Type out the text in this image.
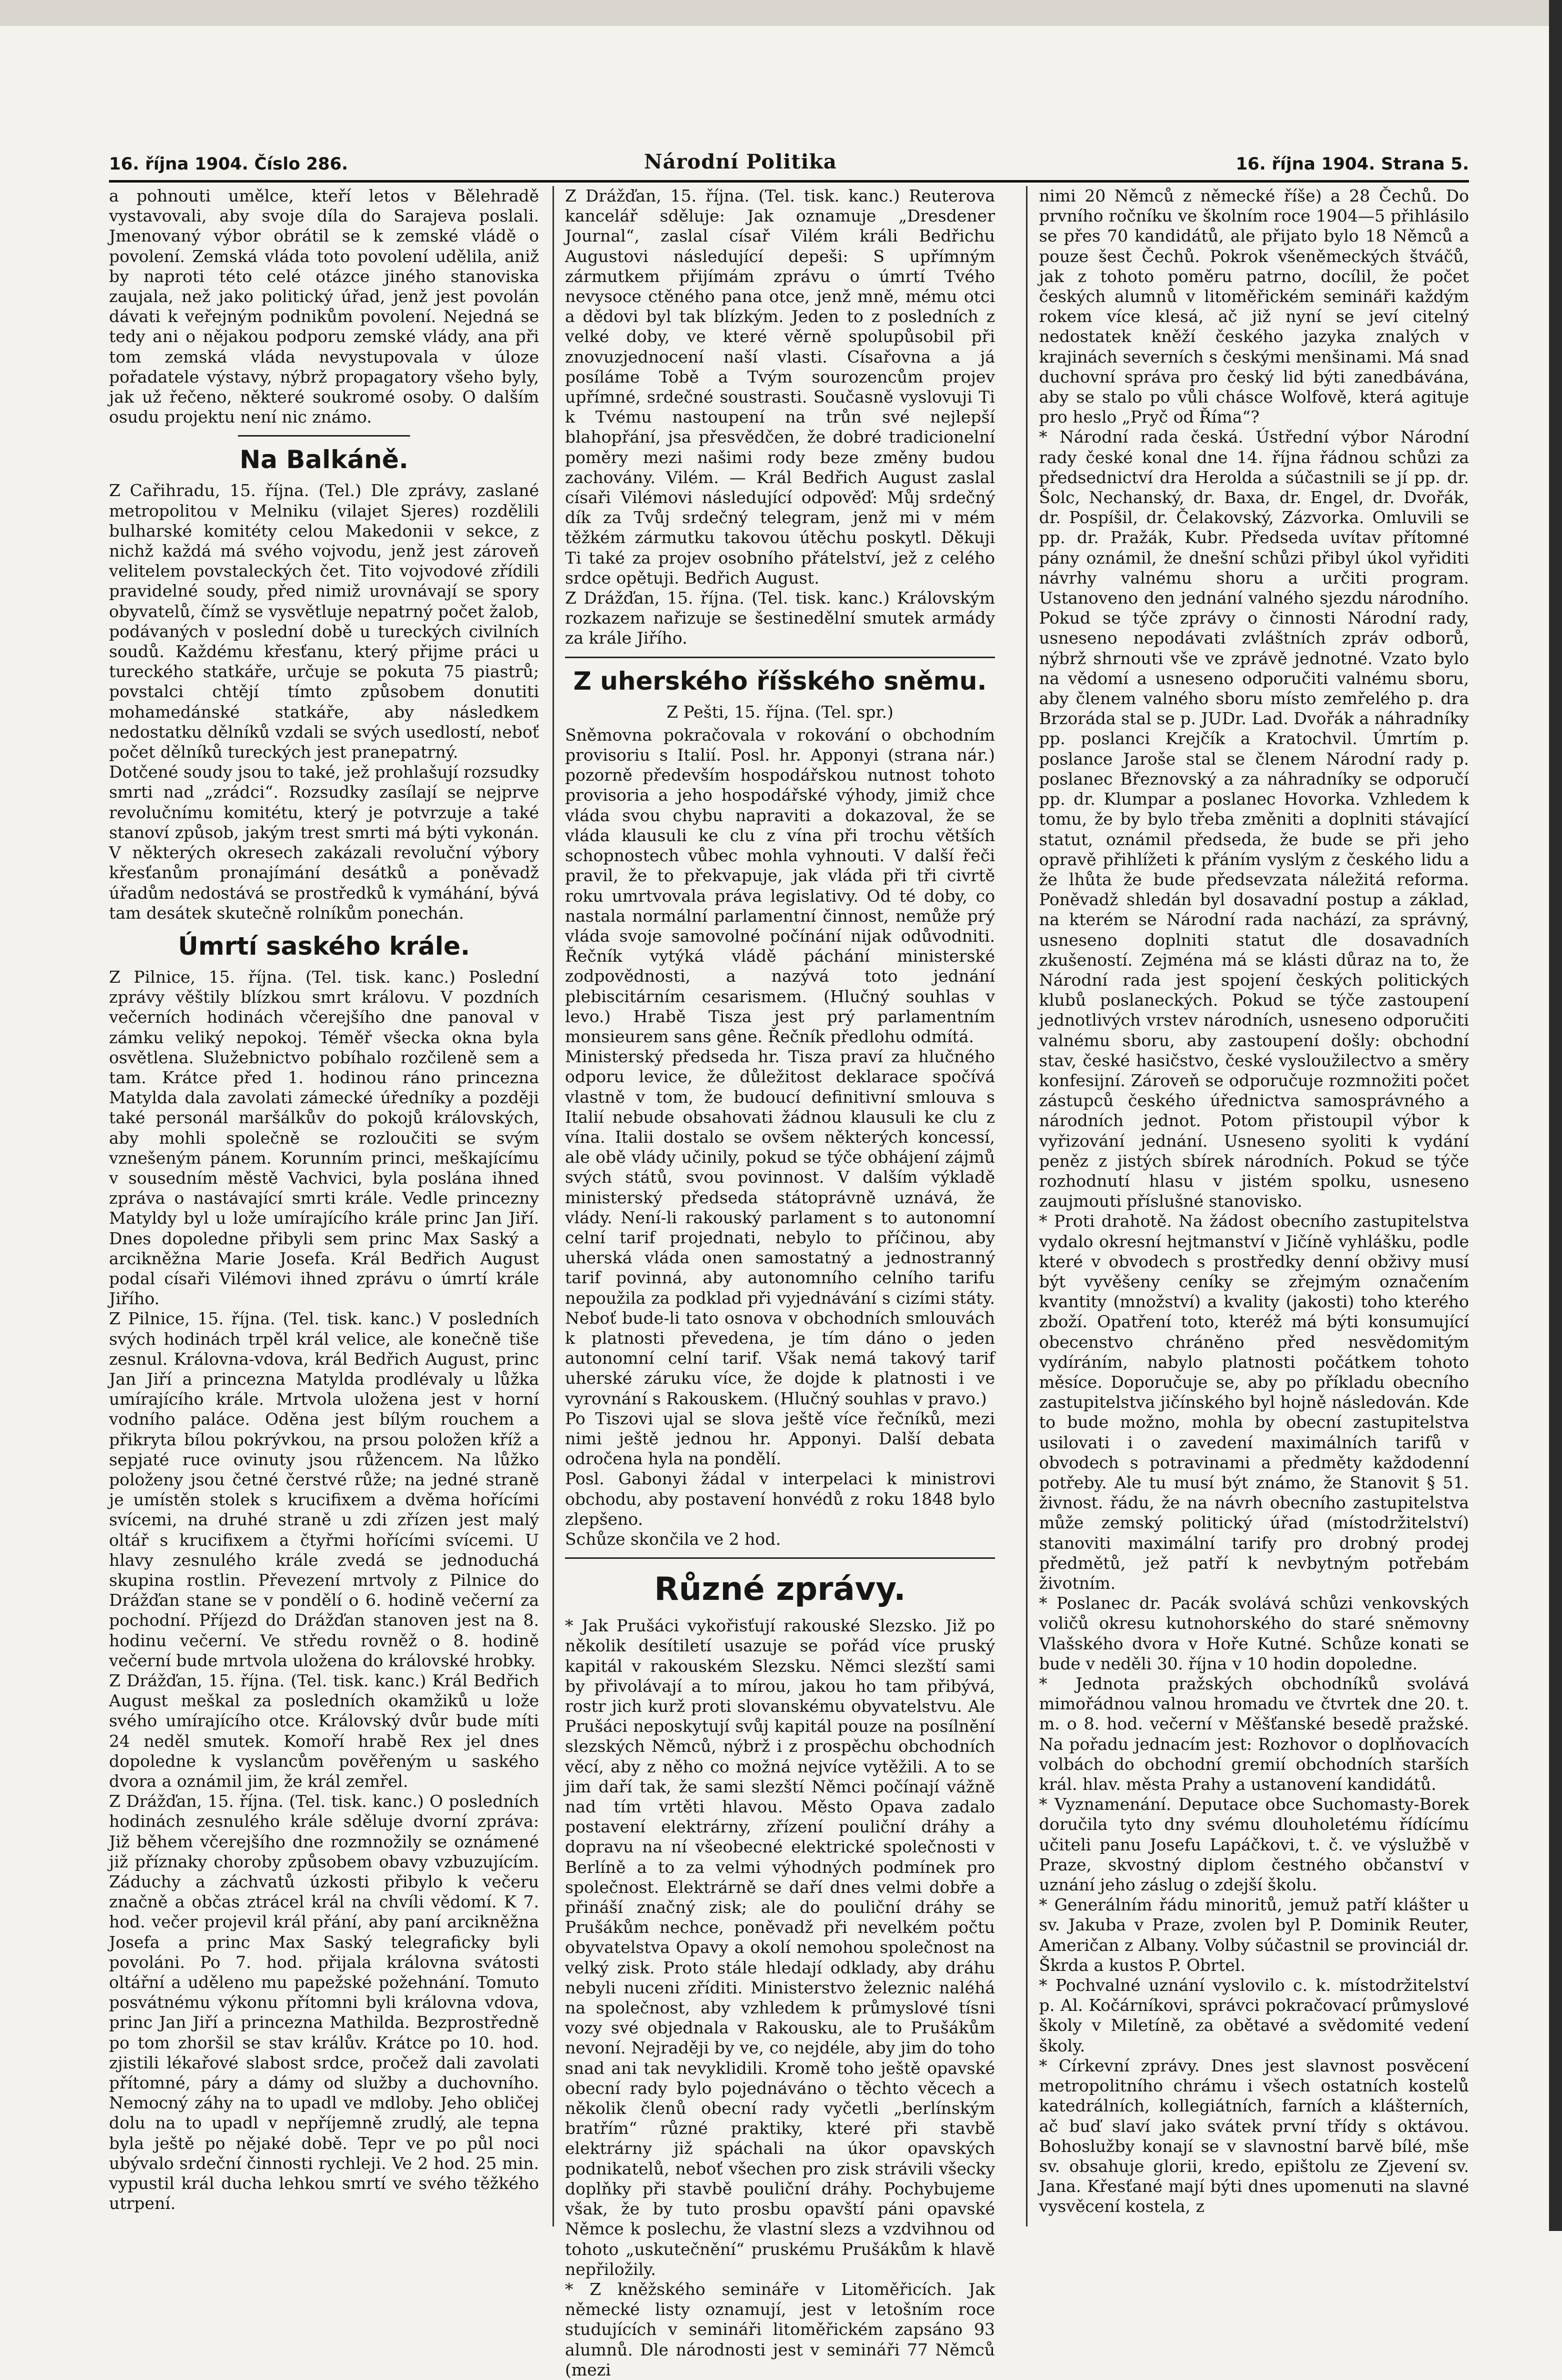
16. října 1904. Číslo 286.	Národní Politika	16. října 1904. Strana 5.

a pohnouti umělce, kteří letos v Bělehradě vystavovali, aby svoje díla do Sarajeva poslali. Jmenovaný výbor obrátil se k zemské vládě o povolení. Zemská vláda toto povolení udělila, aniž by naproti této celé otázce jiného stanoviska zaujala, než jako politický úřad, jenž jest povolán dávati k veřejným podnikům povolení. Nejedná se tedy ani o nějakou podporu zemské vlády, ana při tom zemská vláda nevystupovala v úloze pořadatele výstavy, nýbrž propagatory všeho byly, jak už řečeno, některé soukromé osoby. O dalším osudu projektu není nic známo.

Na Balkáně.

Z Cařihradu, 15. října. (Tel.) Dle zprávy, zaslané metropolitou v Melniku (vilajet Sjeres) rozdělili bulharské komitéty celou Makedonii v sekce, z nichž každá má svého vojvodu, jenž jest zároveň velitelem povstaleckých čet. Tito vojvodové zřídili pravidelné soudy, před nimiž urovnávají se spory obyvatelů, čímž se vysvětluje nepatrný počet žalob, podávaných v poslední době u tureckých civilních soudů. Každému křesťanu, který přijme práci u tureckého statkáře, určuje se pokuta 75 piastrů; povstalci chtějí tímto způsobem donutiti mohamedánské statkáře, aby následkem nedostatku dělníků vzdali se svých usedlostí, neboť počet dělníků tureckých jest pranepatrný.

Dotčené soudy jsou to také, jež prohlašují rozsudky smrti nad „zrádci“. Rozsudky zasílají se nejprve revolučnímu komitétu, který je potvrzuje a také stanoví způsob, jakým trest smrti má býti vykonán. V některých okresech zakázali revoluční výbory křesťanům pronajímání desátků a poněvadž úřadům nedostává se prostředků k vymáhání, bývá tam desátek skutečně rolníkům ponechán.

Úmrtí saského krále.

Z Pilnice, 15. října. (Tel. tisk. kanc.) Poslední zprávy věštily blízkou smrt královu. V pozdních večerních hodinách včerejšího dne panoval v zámku veliký nepokoj. Téměř všecka okna byla osvětlena. Služebnictvo pobíhalo rozčileně sem a tam. Krátce před 1. hodinou ráno princezna Matylda dala zavolati zámecké úředníky a později také personál maršálkův do pokojů královských, aby mohli společně se rozloučiti se svým vznešeným pánem. Korunním princi, meškajícímu v sousedním městě Vachvici, byla poslána ihned zpráva o nastávající smrti krále. Vedle princezny Matyldy byl u lože umírajícího krále princ Jan Jiří. Dnes dopoledne přibyli sem princ Max Saský a arcikněžna Marie Josefa. Král Bedřich August podal císaři Vilémovi ihned zprávu o úmrtí krále Jiřího.

Z Pilnice, 15. října. (Tel. tisk. kanc.) V posledních svých hodinách trpěl král velice, ale konečně tiše zesnul. Královna-vdova, král Bedřich August, princ Jan Jiří a princezna Matylda prodlévaly u lůžka umírajícího krále. Mrtvola uložena jest v horní vodního paláce. Oděna jest bílým rouchem a přikryta bílou pokrývkou, na prsou položen kříž a sepjaté ruce ovinuty jsou růžencem. Na lůžko položeny jsou četné čerstvé růže; na jedné straně je umístěn stolek s krucifixem a dvěma hořícími svícemi, na druhé straně u zdi zřízen jest malý oltář s krucifixem a čtyřmi hořícími svícemi. U hlavy zesnulého krále zvedá se jednoduchá skupina rostlin. Převezení mrtvoly z Pilnice do Drážďan stane se v pondělí o 6. hodině večerní za pochodní. Příjezd do Drážďan stanoven jest na 8. hodinu večerní. Ve středu rovněž o 8. hodině večerní bude mrtvola uložena do královské hrobky.

Z Drážďan, 15. října. (Tel. tisk. kanc.) Král Bedřich August meškal za posledních okamžiků u lože svého umírajícího otce. Královský dvůr bude míti 24 neděl smutek. Komoří hrabě Rex jel dnes dopoledne k vyslancům pověřeným u saského dvora a oznámil jim, že král zemřel.

Z Drážďan, 15. října. (Tel. tisk. kanc.) O posledních hodinách zesnulého krále sděluje dvorní zpráva: Již během včerejšího dne rozmnožily se oznámené již příznaky choroby způsobem obavy vzbuzujícím. Záduchy a záchvatů úzkosti přibylo k večeru značně a občas ztrácel král na chvíli vědomí. K 7. hod. večer projevil král přání, aby paní arcikněžna Josefa a princ Max Saský telegraficky byli povoláni. Po 7. hod. přijala královna svátosti oltářní a uděleno mu papežské požehnání. Tomuto posvátnému výkonu přítomni byli královna vdova, princ Jan Jiří a princezna Mathilda. Bezprostředně po tom zhoršil se stav králův. Krátce po 10. hod. zjistili lékařové slabost srdce, pročež dali zavolati přítomné, páry a dámy od služby a duchovního. Nemocný záhy na to upadl ve mdloby. Jeho obličej dolu na to upadl v nepříjemně zrudlý, ale tepna byla ještě po nějaké době. Tepr ve po půl noci ubývalo srdeční činnosti rychleji. Ve 2 hod. 25 min. vypustil král ducha lehkou smrtí ve svého těžkého utrpení.

Z Drážďan, 15. října. (Tel. tisk. kanc.) Reuterova kancelář sděluje: Jak oznamuje „Dresdener Journal“, zaslal císař Vilém králi Bedřichu Augustovi následující depeši: S upřímným zármutkem přijímám zprávu o úmrtí Tvého nevysoce ctěného pana otce, jenž mně, mému otci a dědovi byl tak blízkým. Jeden to z posledních z velké doby, ve které věrně spolupůsobil při znovuzjednocení naší vlasti. Císařovna a já posíláme Tobě a Tvým sourozencům projev upřímné, srdečné soustrasti. Současně vyslovuji Ti k Tvému nastoupení na trůn své nejlepší blahopřání, jsa přesvědčen, že dobré tradicionelní poměry mezi našimi rody beze změny budou zachovány. Vilém. — Král Bedřich August zaslal císaři Vilémovi následující odpověď: Můj srdečný dík za Tvůj srdečný telegram, jenž mi v mém těžkém zármutku takovou útěchu poskytl. Děkuji Ti také za projev osobního přátelství, jež z celého srdce opětuji. Bedřich August.

Z Drážďan, 15. října. (Tel. tisk. kanc.) Královským rozkazem nařizuje se šestinedělní smutek armády za krále Jiřího.

Z uherského říšského sněmu.

Z Pešti, 15. října. (Tel. spr.)

Sněmovna pokračovala v rokování o obchodním provisoriu s Italií. Posl. hr. Apponyi (strana nár.) pozorně především hospodářskou nutnost tohoto provisoria a jeho hospodářské výhody, jimiž chce vláda svou chybu napraviti a dokazoval, že se vláda klausuli ke clu z vína při trochu větších schopnostech vůbec mohla vyhnouti. V další řeči pravil, že to překvapuje, jak vláda při tři civrtě roku umrtvovala práva legislativy. Od té doby, co nastala normální parlamentní činnost, nemůže prý vláda svoje samovolné počínání nijak odůvodniti. Řečník vytýká vládě páchání ministerské zodpovědnosti, a nazývá toto jednání plebiscitárním cesarismem. (Hlučný souhlas v levo.) Hrabě Tisza jest prý parlamentním monsieurem sans gêne. Řečník předlohu odmítá.

Ministerský předseda hr. Tisza praví za hlučného odporu levice, že důležitost deklarace spočívá vlastně v tom, že budoucí definitivní smlouva s Italií nebude obsahovati žádnou klausuli ke clu z vína. Italii dostalo se ovšem některých koncessí, ale obě vlády učinily, pokud se týče obhájení zájmů svých států, svou povinnost. V dalším výkladě ministerský předseda státoprávně uznává, že vlády. Není-li rakouský parlament s to autonomní celní tarif projednati, nebylo to příčinou, aby uherská vláda onen samostatný a jednostranný tarif povinná, aby autonomního celního tarifu nepoužila za podklad při vyjednávání s cizími státy. Neboť bude-li tato osnova v obchodních smlouvách k platnosti převedena, je tím dáno o jeden autonomní celní tarif. Však nemá takový tarif uherské záruku více, že dojde k platnosti i ve vyrovnání s Rakouskem. (Hlučný souhlas v pravo.)

Po Tiszovi ujal se slova ještě více řečníků, mezi nimi ještě jednou hr. Apponyi. Další debata odročena hyla na pondělí.

Posl. Gabonyi žádal v interpelaci k ministrovi obchodu, aby postavení honvédů z roku 1848 bylo zlepšeno.

Schůze skončila ve 2 hod.

Různé zprávy.

* Jak Prušáci vykořisťují rakouské Slezsko. Již po několik desítiletí usazuje se pořád více pruský kapitál v rakouském Slezsku. Němci slezští sami by přivolávají a to mírou, jakou ho tam přibývá, rostr jich kurž proti slovanskému obyvatelstvu. Ale Prušáci neposkytují svůj kapitál pouze na posílnění slezských Němců, nýbrž i z prospěchu obchodních věcí, aby z něho co možná nejvíce vytěžili. A to se jim daří tak, že sami slezští Němci počínají vážně nad tím vrtěti hlavou. Město Opava zadalo postavení elektrárny, zřízení pouliční dráhy a dopravu na ní všeobecné elektrické společnosti v Berlíně a to za velmi výhodných podmínek pro společnost. Elektrárně se daří dnes velmi dobře a přináší značný zisk; ale do pouliční dráhy se Prušákům nechce, poněvadž při nevelkém počtu obyvatelstva Opavy a okolí nemohou společnost na velký zisk. Proto stále hledají odklady, aby dráhu nebyli nuceni zříditi. Ministerstvo železnic naléhá na společnost, aby vzhledem k průmyslové tísni vozy své objednala v Rakousku, ale to Prušákům nevoní. Nejraději by ve, co nejdéle, aby jim do toho snad ani tak nevyklidili. Kromě toho ještě opavské obecní rady bylo pojednáváno o těchto věcech a několik členů obecní rady vyčetli „berlínským bratřím“ různé praktiky, které při stavbě elektrárny již spáchali na úkor opavských podnikatelů, neboť všechen pro zisk strávili všecky doplňky při stavbě pouliční dráhy. Pochybujeme však, že by tuto prosbu opavští páni opavské Němce k poslechu, že vlastní slezs a vzdvihnou od tohoto „uskutečnění“ pruskému Prušákům k hlavě nepřiložily.

* Z kněžského semináře v Litoměřicích. Jak německé listy oznamují, jest v letošním roce studujících v semináři litoměřickém zapsáno 93 alumnů. Dle národnosti jest v semináři 77 Němců (mezi

nimi 20 Němců z německé říše) a 28 Čechů. Do prvního ročníku ve školním roce 1904—5 přihlásilo se přes 70 kandidátů, ale přijato bylo 18 Němců a pouze šest Čechů. Pokrok všeněmeckých štváčů, jak z tohoto poměru patrno, docílil, že počet českých alumnů v litoměřickém semináři každým rokem více klesá, ač již nyní se jeví citelný nedostatek kněží českého jazyka znalých v krajinách severních s českými menšinami. Má snad duchovní správa pro český lid býti zanedbávána, aby se stalo po vůli chásce Wolfově, která agituje pro heslo „Pryč od Říma“?

* Národní rada česká. Ústřední výbor Národní rady české konal dne 14. října řádnou schůzi za předsednictví dra Herolda a súčastnili se jí pp. dr. Šolc, Nechanský, dr. Baxa, dr. Engel, dr. Dvořák, dr. Pospíšil, dr. Čelakovský, Zázvorka. Omluvili se pp. dr. Pražák, Kubr. Předseda uvítav přítomné pány oznámil, že dnešní schůzi přibyl úkol vyřiditi návrhy valnému shoru a určiti program. Ustanoveno den jednání valného sjezdu národního. Pokud se týče zprávy o činnosti Národní rady, usneseno nepodávati zvláštních zpráv odborů, nýbrž shrnouti vše ve zprávě jednotné. Vzato bylo na vědomí a usneseno odporučiti valnému sboru, aby členem valného sboru místo zemřelého p. dra Brzoráda stal se p. JUDr. Lad. Dvořák a náhradníky pp. poslanci Krejčík a Kratochvil. Úmrtím p. poslance Jaroše stal se členem Národní rady p. poslanec Březnovský a za náhradníky se odporučí pp. dr. Klumpar a poslanec Hovorka. Vzhledem k tomu, že by bylo třeba změniti a doplniti stávající statut, oznámil předseda, že bude se při jeho opravě přihlížeti k přáním vyslým z českého lidu a že lhůta že bude předsevzata náležitá reforma. Poněvadž shledán byl dosavadní postup a základ, na kterém se Národní rada nachází, za správný, usneseno doplniti statut dle dosavadních zkušeností. Zejména má se klásti důraz na to, že Národní rada jest spojení českých politických klubů poslaneckých. Pokud se týče zastoupení jednotlivých vrstev národních, usneseno odporučiti valnému sboru, aby zastoupení došly: obchodní stav, české hasičstvo, české vysloužilectvo a směry konfesijní. Zároveň se odporučuje rozmnožiti počet zástupců českého úřednictva samosprávného a národních jednot. Potom přistoupil výbor k vyřizování jednání. Usneseno syoliti k vydání peněz z jistých sbírek národních. Pokud se týče rozhodnutí hlasu v jistém spolku, usneseno zaujmouti příslušné stanovisko.

* Proti drahotě. Na žádost obecního zastupitelstva vydalo okresní hejtmanství v Jičíně vyhlášku, podle které v obvodech s prostředky denní obživy musí být vyvěšeny ceníky se zřejmým označením kvantity (množství) a kvality (jakosti) toho kterého zboží. Opatření toto, kteréž má býti konsumující obecenstvo chráněno před nesvědomitým vydíráním, nabylo platnosti počátkem tohoto měsíce. Doporučuje se, aby po příkladu obecního zastupitelstva jičínského byl hojně následován. Kde to bude možno, mohla by obecní zastupitelstva usilovati i o zavedení maximálních tarifů v obvodech s potravinami a předměty každodenní potřeby. Ale tu musí být známo, že Stanovit § 51. živnost. řádu, že na návrh obecního zastupitelstva může zemský politický úřad (místodržitelství) stanoviti maximální tarify pro drobný prodej předmětů, jež patří k nevbytným potřebám životním.

* Poslanec dr. Pacák svolává schůzi venkovských voličů okresu kutnohorského do staré sněmovny Vlašského dvora v Hoře Kutné. Schůze konati se bude v neděli 30. října v 10 hodin dopoledne.

* Jednota pražských obchodníků svolává mimořádnou valnou hromadu ve čtvrtek dne 20. t. m. o 8. hod. večerní v Měšťanské besedě pražské. Na pořadu jednacím jest: Rozhovor o doplňovacích volbách do obchodní gremií obchodních starších král. hlav. města Prahy a ustanovení kandidátů.

* Vyznamenání. Deputace obce Suchomasty-Borek doručila tyto dny svému dlouholetému řídícímu učiteli panu Josefu Lapáčkovi, t. č. ve výslužbě v Praze, skvostný diplom čestného občanství v uznání jeho záslug o zdejší školu.

* Generálním řádu minoritů, jemuž patří klášter u sv. Jakuba v Praze, zvolen byl P. Dominik Reuter, Američan z Albany. Volby súčastnil se provinciál dr. Škrda a kustos P. Obrtel.

* Pochvalné uznání vyslovilo c. k. místodržitelství p. Al. Kočárníkovi, správci pokračovací průmyslové školy v Miletíně, za obětavé a svědomité vedení školy.

* Církevní zprávy. Dnes jest slavnost posvěcení metropolitního chrámu i všech ostatních kostelů katedrálních, kollegiátních, farních a klášterních, ač buď slaví jako svátek první třídy s oktávou. Bohoslužby konají se v slavnostní barvě bílé, mše sv. obsahuje glorii, kredo, epištolu ze Zjevení sv. Jana. Křesťané mají býti dnes upomenuti na slavné vysvěcení kostela, z
